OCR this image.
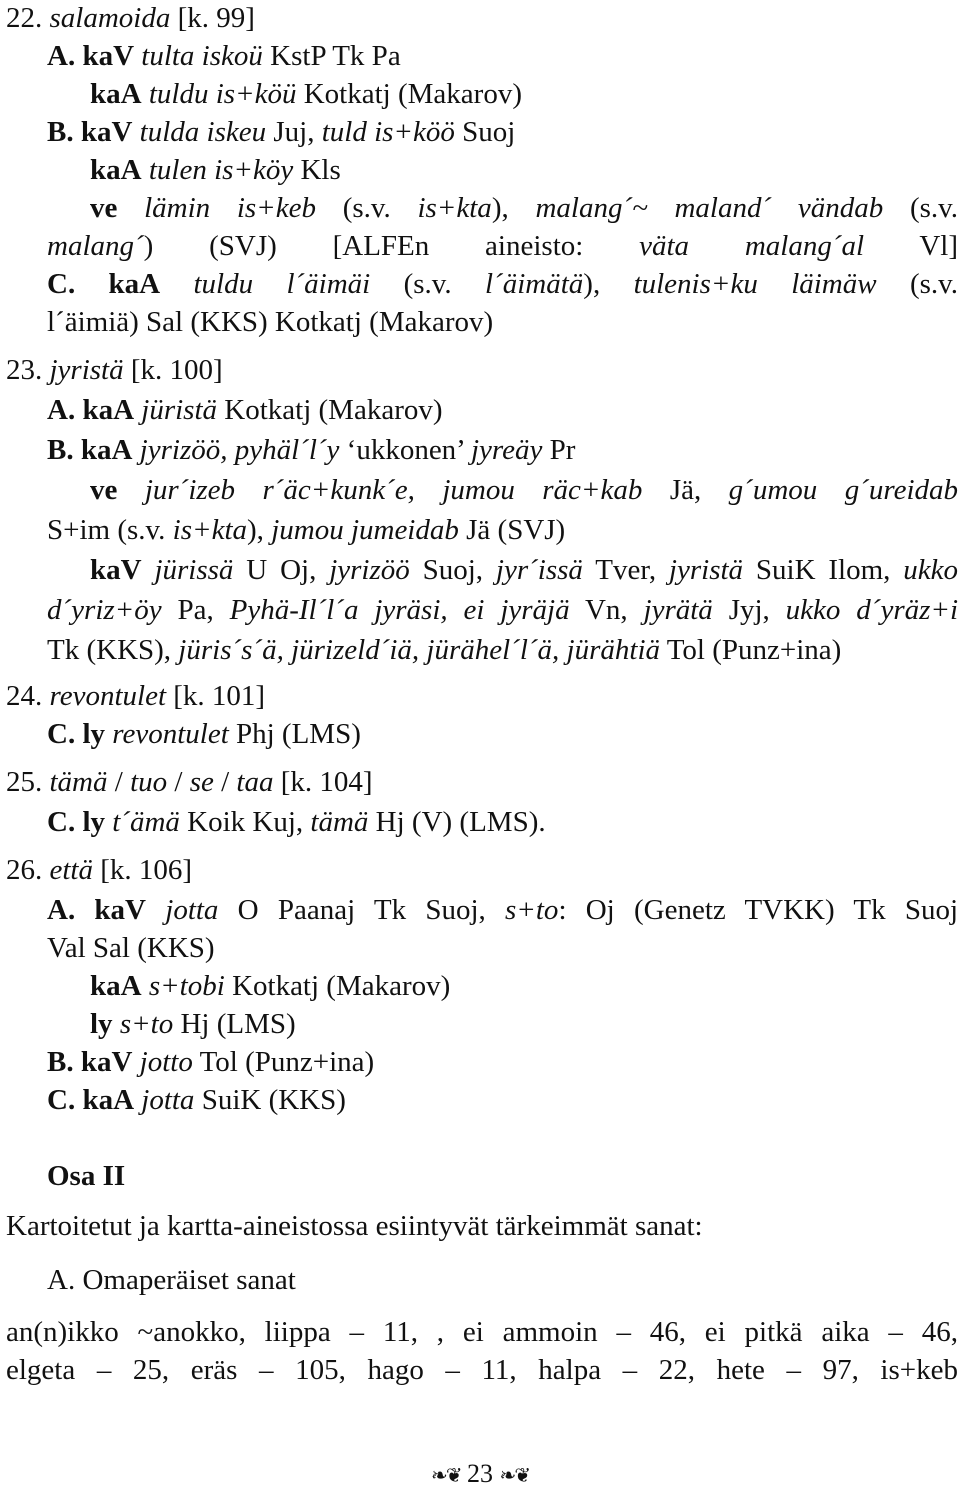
22. salamoida [k. 99]
A. kaV tulta iskoü KstP Tk Pa
kaA tuldu is+köü Kotkatj (Makarov)
B. kaV tulda iskeu Juj, tuld is+köö Suoj
kaA tulen is+köy Kls
ve lämin is+keb (s.v. is+kta), malang´~ maland´ vändab (s.v.
malang´) (SVJ) [ALFEn aineisto: väta malang´al Vl]
C. kaA tuldu l´äimäi (s.v. l´äimätä), tulenis+ku läimäw (s.v.
l´äimiä) Sal (KKS) Kotkatj (Makarov)
23. jyristä [k. 100]
A. kaA jüristä Kotkatj (Makarov)
B. kaA jyrizöö, pyhäl´l´y ‘ukkonen’ jyreäy Pr
ve jur´izeb r´äc+kunk´e, jumou räc+kab Jä, g´umou g´ureidab
S+im (s.v. is+kta), jumou jumeidab Jä (SVJ)
kaV jürissä U Oj, jyrizöö Suoj, jyr´issä Tver, jyristä SuiK Ilom, ukko
d´yriz+öy Pa, Pyhä-Il´l´a jyräsi, ei jyräjä Vn, jyrätä Jyj, ukko d´yräz+i
Tk (KKS), jüris´s´ä, jürizeld´iä, jürähel´l´ä, jürähtiä Tol (Punz+ina)
24. revontulet [k. 101]
C. ly revontulet Phj (LMS)
25. tämä / tuo / se / taa [k. 104]
C. ly t´ämä Koik Kuj, tämä Hj (V) (LMS).
26. että [k. 106]
A. kaV jotta O Paanaj Tk Suoj, s+to: Oj (Genetz TVKK) Tk Suoj
Val Sal (KKS)
kaA s+tobi Kotkatj (Makarov)
ly s+to Hj (LMS)
B. kaV jotto Tol (Punz+ina)
C. kaA jotta SuiK (KKS)
Osa II
Kartoitetut ja kartta-aineistossa esiintyvät tärkeimmät sanat:
A. Omaperäiset sanat
an(n)ikko ~anokko, liippa – 11, , ei ammoin – 46, ei pitkä aika – 46,
elgeta – 25, eräs – 105, hago – 11, halpa – 22, hete – 97, is+keb
❧❦ 23 ❧❦
